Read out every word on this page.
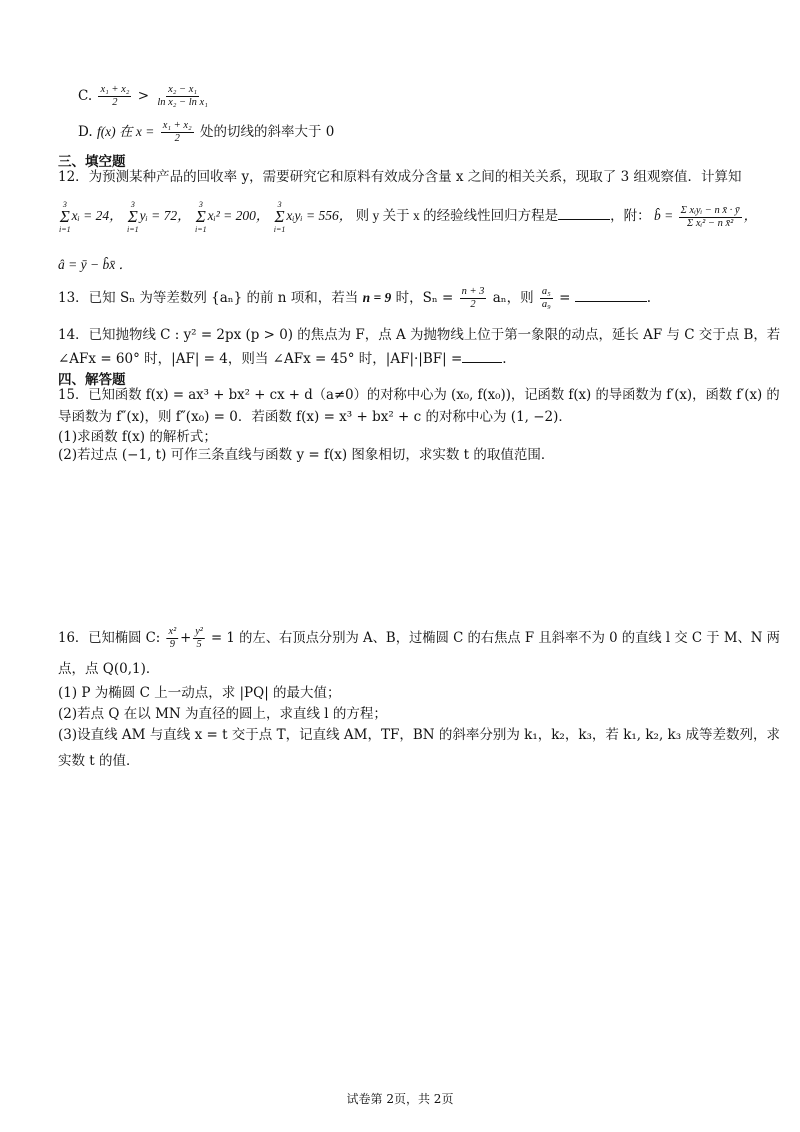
C. $\frac{\text{x₁ + x₂}}{2} > \frac{\text{x₂ − x₁}}{\text{ln x₂ − ln x₁}}$
D. f(x) 在 $x = \frac{\text{x₁ + x₂}}{2}$ 处的切线的斜率大于 0
三、填空题
12．为预测某种产品的回收率 y，需要研究它和原料有效成分含量 x 之间的相关关系，现取了 3 组观察值．计算知
3
Σ
i=1
xᵢ = 24，
3
Σ
i=1
yᵢ = 72，
3
Σ
i=1
xᵢ² = 200，
3
Σ
i=1
xᵢyᵢ = 556， 则 y 关于 x 的经验线性回归方程是	，附： b̂ = $\frac{\text{Σ xᵢyᵢ − n x̄ · ȳ}}{\text{Σ xᵢ² − n x̄²}}$ ，
â = ȳ − b̂x̄ ．
13．已知 Sₙ 为等差数列 {aₙ} 的前 n 项和，若当 n = 9 时，$S_n = \frac{n + 3}{2}$ aₙ，则 $\frac{\text{a₅}}{\text{a₉}}$ =	.
14．已知抛物线 C : y² = 2px (p > 0) 的焦点为 F，点 A 为抛物线上位于第一象限的动点，延长 AF 与 C 交于点 B，若
∠AFx = 60° 时，|AF| = 4，则当 ∠AFx = 45° 时，|AF|·|BF| =	.
四、解答题
15．已知函数 f(x) = ax³ + bx² + cx + d（a≠0）的对称中心为 (x₀, f(x₀))，记函数 f(x) 的导函数为 f′(x)，函数 f′(x) 的
导函数为 f″(x)，则 f″(x₀) = 0．若函数 f(x) = x³ + bx² + c 的对称中心为 (1, −2)．
(1)求函数 f(x) 的解析式；
(2)若过点 (−1, t) 可作三条直线与函数 y = f(x) 图象相切，求实数 t 的取值范围．
16．已知椭圆 C: $\frac{\text{x²}}{9} + \frac{\text{y²}}{5} = 1$ 的左、右顶点分别为 A、B，过椭圆 C 的右焦点 F 且斜率不为 0 的直线 l 交 C 于 M、N 两
点，点 Q(0,1)．
(1) P 为椭圆 C 上一动点，求 |PQ| 的最大值；
(2)若点 Q 在以 MN 为直径的圆上，求直线 l 的方程；
(3)设直线 AM 与直线 x = t 交于点 T，记直线 AM，TF，BN 的斜率分别为 k₁，k₂，k₃，若 k₁, k₂, k₃ 成等差数列，求
实数 t 的值．
试卷第 2页，共 2页
